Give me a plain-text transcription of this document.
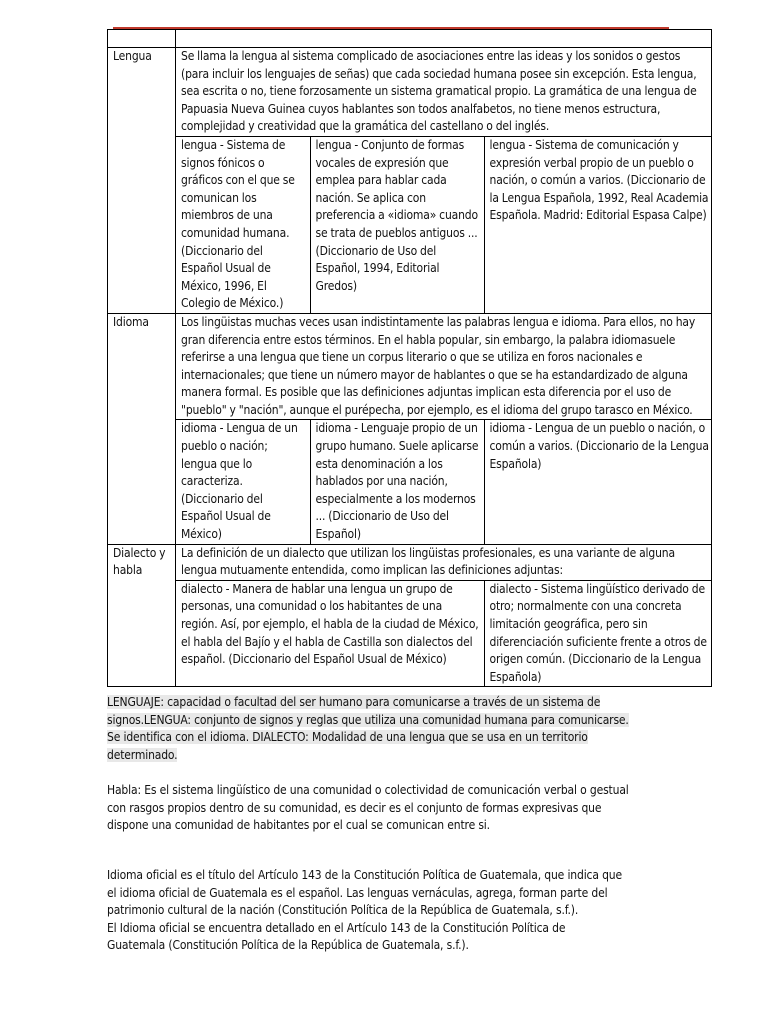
Lengua	Se llama la lengua al sistema complicado de asociaciones entre las ideas y los sonidos o gestos (para incluir los lenguajes de señas) que cada sociedad humana posee sin excepción. Esta lengua, sea escrita o no, tiene forzosamente un sistema gramatical propio. La gramática de una lengua de Papuasia Nueva Guinea cuyos hablantes son todos analfabetos, no tiene menos estructura, complejidad y creatividad que la gramática del castellano o del inglés.

lengua - Sistema de signos fónicos o gráficos con el que se comunican los miembros de una comunidad humana. (Diccionario del Español Usual de México, 1996, El Colegio de México.)	lengua - Conjunto de formas vocales de expresión que emplea para hablar cada nación. Se aplica con preferencia a «idioma» cuando se trata de pueblos antiguos ... (Diccionario de Uso del Español, 1994, Editorial Gredos)	lengua - Sistema de comunicación y expresión verbal propio de un pueblo o nación, o común a varios. (Diccionario de la Lengua Española, 1992, Real Academia Española. Madrid: Editorial Espasa Calpe)

Idioma	Los lingüistas muchas veces usan indistintamente las palabras lengua e idioma. Para ellos, no hay gran diferencia entre estos términos. En el habla popular, sin embargo, la palabra idiomasuele referirse a una lengua que tiene un corpus literario o que se utiliza en foros nacionales e internacionales; que tiene un número mayor de hablantes o que se ha estandardizado de alguna manera formal. Es posible que las definiciones adjuntas implican esta diferencia por el uso de "pueblo" y "nación", aunque el purépecha, por ejemplo, es el idioma del grupo tarasco en México.

idioma - Lengua de un pueblo o nación; lengua que lo caracteriza. (Diccionario del Español Usual de México)	idioma - Lenguaje propio de un grupo humano. Suele aplicarse esta denominación a los hablados por una nación, especialmente a los modernos ... (Diccionario de Uso del Español)	idioma - Lengua de un pueblo o nación, o común a varios. (Diccionario de la Lengua Española)

Dialecto y habla	La definición de un dialecto que utilizan los lingüistas profesionales, es una variante de alguna lengua mutuamente entendida, como implican las definiciones adjuntas:

dialecto - Manera de hablar una lengua un grupo de personas, una comunidad o los habitantes de una región. Así, por ejemplo, el habla de la ciudad de México, el habla del Bajío y el habla de Castilla son dialectos del español. (Diccionario del Español Usual de México)	dialecto - Sistema lingüístico derivado de otro; normalmente con una concreta limitación geográfica, pero sin diferenciación suficiente frente a otros de origen común. (Diccionario de la Lengua Española)
LENGUAJE: capacidad o facultad del ser humano para comunicarse a través de un sistema de
signos.LENGUA: conjunto de signos y reglas que utiliza una comunidad humana para comunicarse.
Se identifica con el idioma. DIALECTO: Modalidad de una lengua que se usa en un territorio
determinado.
Habla: Es el sistema lingüístico de una comunidad o colectividad de comunicación verbal o gestual
con rasgos propios dentro de su comunidad, es decir es el conjunto de formas expresivas que
dispone una comunidad de habitantes por el cual se comunican entre si.
Idioma oficial es el título del Artículo 143 de la Constitución Política de Guatemala, que indica que
el idioma oficial de Guatemala es el español. Las lenguas vernáculas, agrega, forman parte del
patrimonio cultural de la nación (Constitución Política de la República de Guatemala, s.f.).
El Idioma oficial se encuentra detallado en el Artículo 143 de la Constitución Política de
Guatemala (Constitución Política de la República de Guatemala, s.f.).
